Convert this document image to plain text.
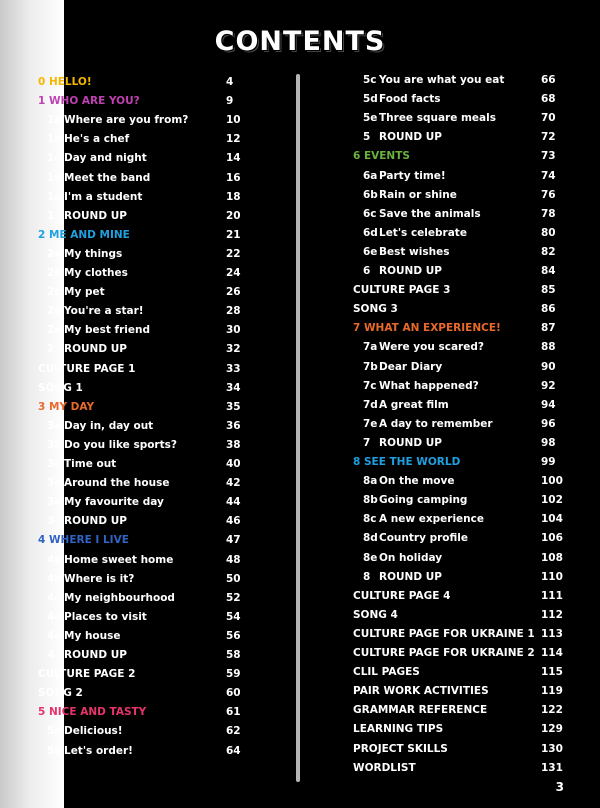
CONTENTS
0 HELLO!	4
1 WHO ARE YOU?	9
1a Where are you from?	10
1b He's a chef	12
1c Day and night	14
1d Meet the band	16
1e I'm a student	18
1 ROUND UP	20
2 ME AND MINE	21
2a My things	22
2b My clothes	24
2c My pet	26
2d You're a star!	28
2e My best friend	30
2 ROUND UP	32
CULTURE PAGE 1	33
SONG 1	34
3 MY DAY	35
3a Day in, day out	36
3b Do you like sports?	38
3c Time out	40
3d Around the house	42
3e My favourite day	44
3 ROUND UP	46
4 WHERE I LIVE	47
4a Home sweet home	48
4b Where is it?	50
4c My neighbourhood	52
4d Places to visit	54
4e My house	56
4 ROUND UP	58
CULTURE PAGE 2	59
SONG 2	60
5 NICE AND TASTY	61
5a Delicious!	62
5b Let's order!	64
5c You are what you eat	66
5d Food facts	68
5e Three square meals	70
5 ROUND UP	72
6 EVENTS	73
6a Party time!	74
6b Rain or shine	76
6c Save the animals	78
6d Let's celebrate	80
6e Best wishes	82
6 ROUND UP	84
CULTURE PAGE 3	85
SONG 3	86
7 WHAT AN EXPERIENCE!	87
7a Were you scared?	88
7b Dear Diary	90
7c What happened?	92
7d A great film	94
7e A day to remember	96
7 ROUND UP	98
8 SEE THE WORLD	99
8a On the move	100
8b Going camping	102
8c A new experience	104
8d Country profile	106
8e On holiday	108
8 ROUND UP	110
CULTURE PAGE 4	111
SONG 4	112
CULTURE PAGE FOR UKRAINE 1 113
CULTURE PAGE FOR UKRAINE 2 114
CLIL PAGES	115
PAIR WORK ACTIVITIES	119
GRAMMAR REFERENCE	122
LEARNING TIPS	129
PROJECT SKILLS	130
WORDLIST	131
3
